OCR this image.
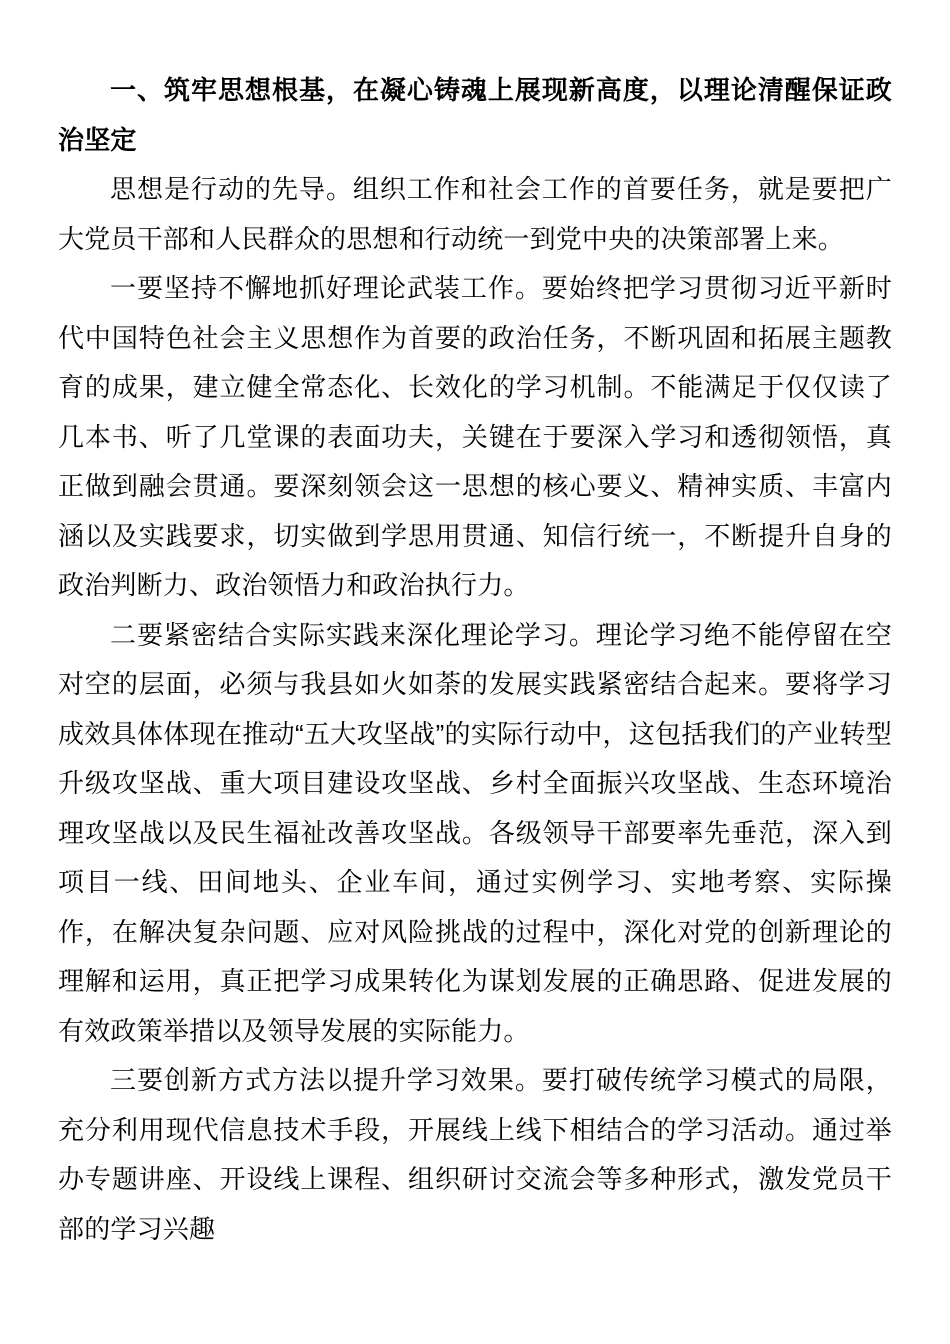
一、筑牢思想根基，在凝心铸魂上展现新高度，以理论清醒保证政治坚定

思想是行动的先导。组织工作和社会工作的首要任务，就是要把广大党员干部和人民群众的思想和行动统一到党中央的决策部署上来。

一要坚持不懈地抓好理论武装工作。要始终把学习贯彻习近平新时代中国特色社会主义思想作为首要的政治任务，不断巩固和拓展主题教育的成果，建立健全常态化、长效化的学习机制。不能满足于仅仅读了几本书、听了几堂课的表面功夫，关键在于要深入学习和透彻领悟，真正做到融会贯通。要深刻领会这一思想的核心要义、精神实质、丰富内涵以及实践要求，切实做到学思用贯通、知信行统一，不断提升自身的政治判断力、政治领悟力和政治执行力。

二要紧密结合实际实践来深化理论学习。理论学习绝不能停留在空对空的层面，必须与我县如火如荼的发展实践紧密结合起来。要将学习成效具体体现在推动“五大攻坚战”的实际行动中，这包括我们的产业转型升级攻坚战、重大项目建设攻坚战、乡村全面振兴攻坚战、生态环境治理攻坚战以及民生福祉改善攻坚战。各级领导干部要率先垂范，深入到项目一线、田间地头、企业车间，通过实例学习、实地考察、实际操作，在解决复杂问题、应对风险挑战的过程中，深化对党的创新理论的理解和运用，真正把学习成果转化为谋划发展的正确思路、促进发展的有效政策举措以及领导发展的实际能力。

三要创新方式方法以提升学习效果。要打破传统学习模式的局限，充分利用现代信息技术手段，开展线上线下相结合的学习活动。通过举办专题讲座、开设线上课程、组织研讨交流会等多种形式，激发党员干部的学习兴趣
